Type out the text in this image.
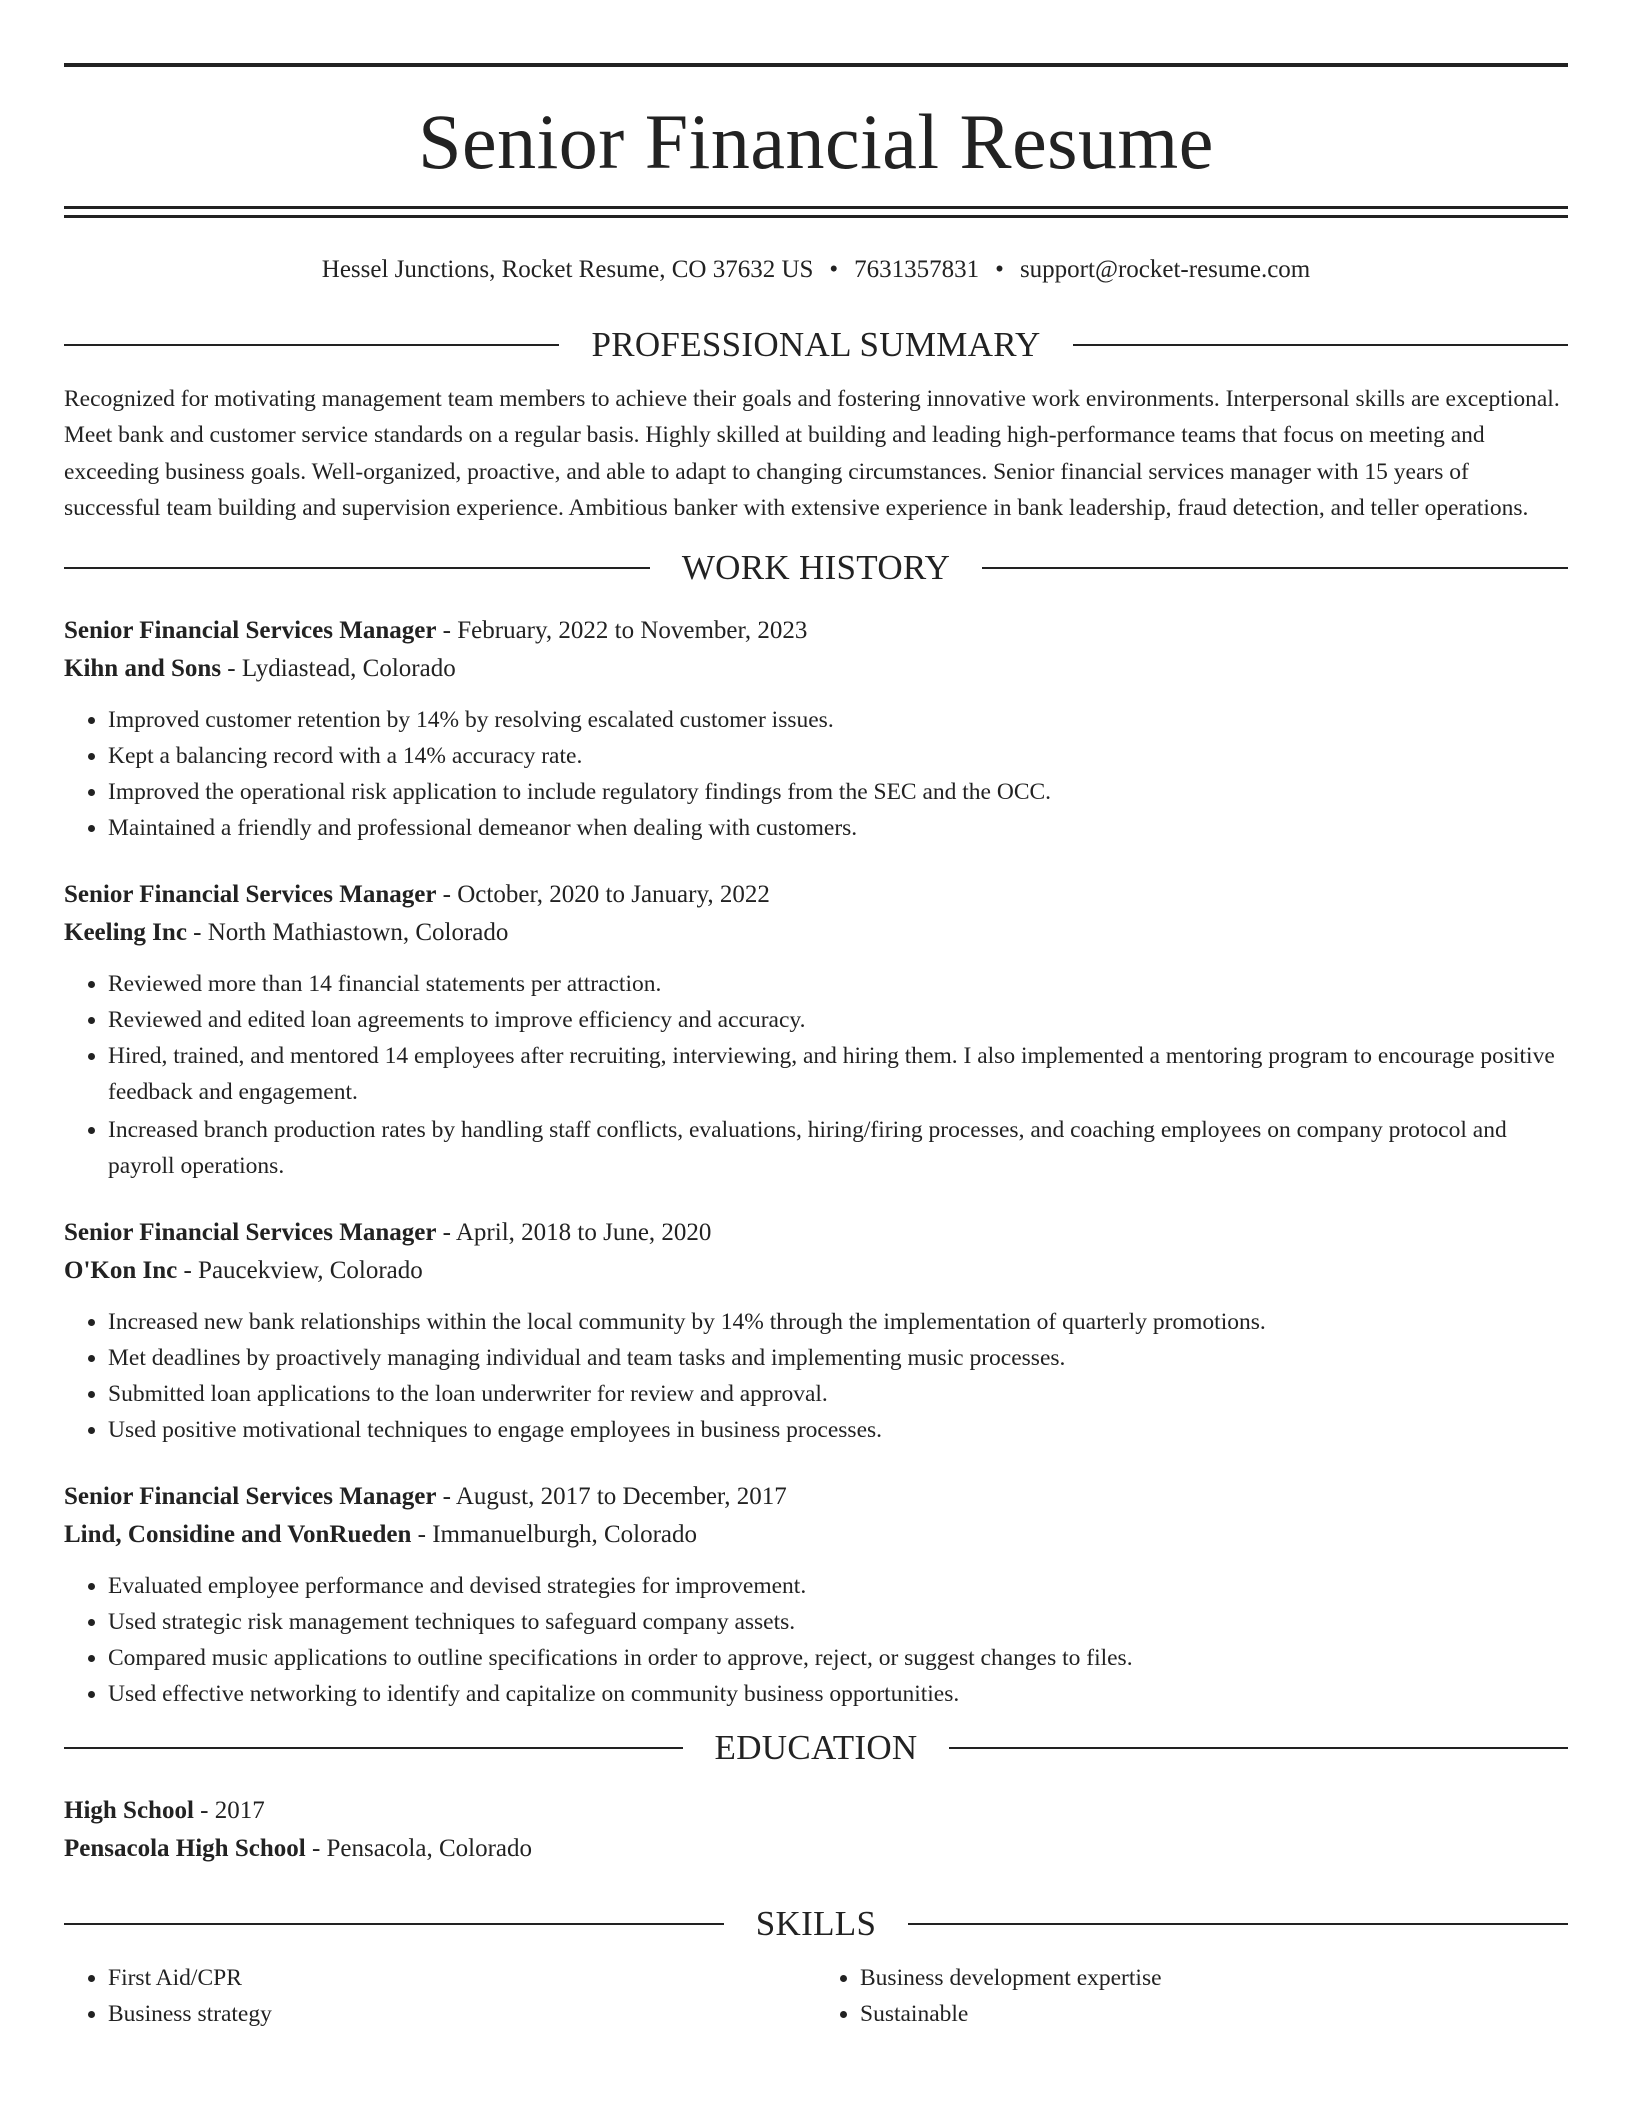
Senior Financial Resume
Hessel Junctions, Rocket Resume, CO 37632 US • 7631357831 • support@rocket-resume.com
PROFESSIONAL SUMMARY
Recognized for motivating management team members to achieve their goals and fostering innovative work environments. Interpersonal skills are exceptional. Meet bank and customer service standards on a regular basis. Highly skilled at building and leading high-performance teams that focus on meeting and exceeding business goals. Well-organized, proactive, and able to adapt to changing circumstances. Senior financial services manager with 15 years of successful team building and supervision experience. Ambitious banker with extensive experience in bank leadership, fraud detection, and teller operations.
WORK HISTORY
Senior Financial Services Manager - February, 2022 to November, 2023
Kihn and Sons - Lydiastead, Colorado
• Improved customer retention by 14% by resolving escalated customer issues.
• Kept a balancing record with a 14% accuracy rate.
• Improved the operational risk application to include regulatory findings from the SEC and the OCC.
• Maintained a friendly and professional demeanor when dealing with customers.
Senior Financial Services Manager - October, 2020 to January, 2022
Keeling Inc - North Mathiastown, Colorado
• Reviewed more than 14 financial statements per attraction.
• Reviewed and edited loan agreements to improve efficiency and accuracy.
• Hired, trained, and mentored 14 employees after recruiting, interviewing, and hiring them. I also implemented a mentoring program to encourage positive feedback and engagement.
• Increased branch production rates by handling staff conflicts, evaluations, hiring/firing processes, and coaching employees on company protocol and payroll operations.
Senior Financial Services Manager - April, 2018 to June, 2020
O'Kon Inc - Paucekview, Colorado
• Increased new bank relationships within the local community by 14% through the implementation of quarterly promotions.
• Met deadlines by proactively managing individual and team tasks and implementing music processes.
• Submitted loan applications to the loan underwriter for review and approval.
• Used positive motivational techniques to engage employees in business processes.
Senior Financial Services Manager - August, 2017 to December, 2017
Lind, Considine and VonRueden - Immanuelburgh, Colorado
• Evaluated employee performance and devised strategies for improvement.
• Used strategic risk management techniques to safeguard company assets.
• Compared music applications to outline specifications in order to approve, reject, or suggest changes to files.
• Used effective networking to identify and capitalize on community business opportunities.
EDUCATION
High School - 2017
Pensacola High School - Pensacola, Colorado
SKILLS
• First Aid/CPR
• Business strategy
• Business development expertise
• Sustainable
